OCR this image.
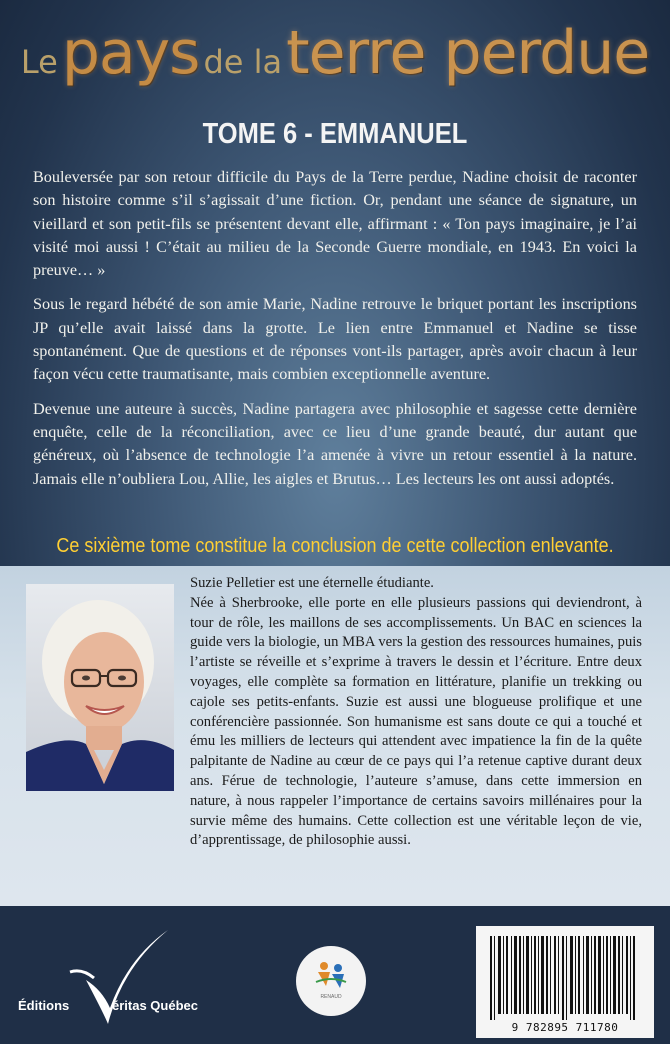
Le pays de la terre perdue
TOME 6 - EMMANUEL

Bouleversée par son retour difficile du Pays de la Terre perdue, Nadine choisit de raconter son histoire comme s’il s’agissait d’une fiction. Or, pendant une séance de signature, un vieillard et son petit-fils se présentent devant elle, affirmant : « Ton pays imaginaire, je l’ai visité moi aussi ! C’était au milieu de la Seconde Guerre mondiale, en 1943. En voici la preuve… »

Sous le regard hébété de son amie Marie, Nadine retrouve le briquet portant les inscriptions JP qu’elle avait laissé dans la grotte. Le lien entre Emmanuel et Nadine se tisse spontanément. Que de questions et de réponses vont-ils partager, après avoir chacun à leur façon vécu cette traumatisante, mais combien exceptionnelle aventure.

Devenue une auteure à succès, Nadine partagera avec philosophie et sagesse cette dernière enquête, celle de la réconciliation, avec ce lieu d’une grande beauté, dur autant que généreux, où l’absence de technologie l’a amenée à vivre un retour essentiel à la nature. Jamais elle n’oubliera Lou, Allie, les aigles et Brutus… Les lecteurs les ont aussi adoptés.

Ce sixième tome constitue la conclusion de cette collection enlevante.
Suzie Pelletier est une éternelle étudiante.
Née à Sherbrooke, elle porte en elle plusieurs passions qui deviendront, à tour de rôle, les maillons de ses accomplissements. Un BAC en sciences la guide vers la biologie, un MBA vers la gestion des ressources humaines, puis l’artiste se réveille et s’exprime à travers le dessin et l’écriture. Entre deux voyages, elle complète sa formation en littérature, planifie un trekking ou cajole ses petits-enfants. Suzie est aussi une blogueuse prolifique et une conférencière passionnée. Son humanisme est sans doute ce qui a touché et ému les milliers de lecteurs qui attendent avec impatience la fin de la quête palpitante de Nadine au cœur de ce pays qui l’a retenue captive durant deux ans. Férue de technologie, l’auteure s’amuse, dans cette immersion en nature, à nous rappeler l’importance de certains savoirs millénaires pour la survie même des humains. Cette collection est une véritable leçon de vie, d’apprentissage, de philosophie aussi.
Éditions	éritas Québec
RENAUD
9 782895 711780
